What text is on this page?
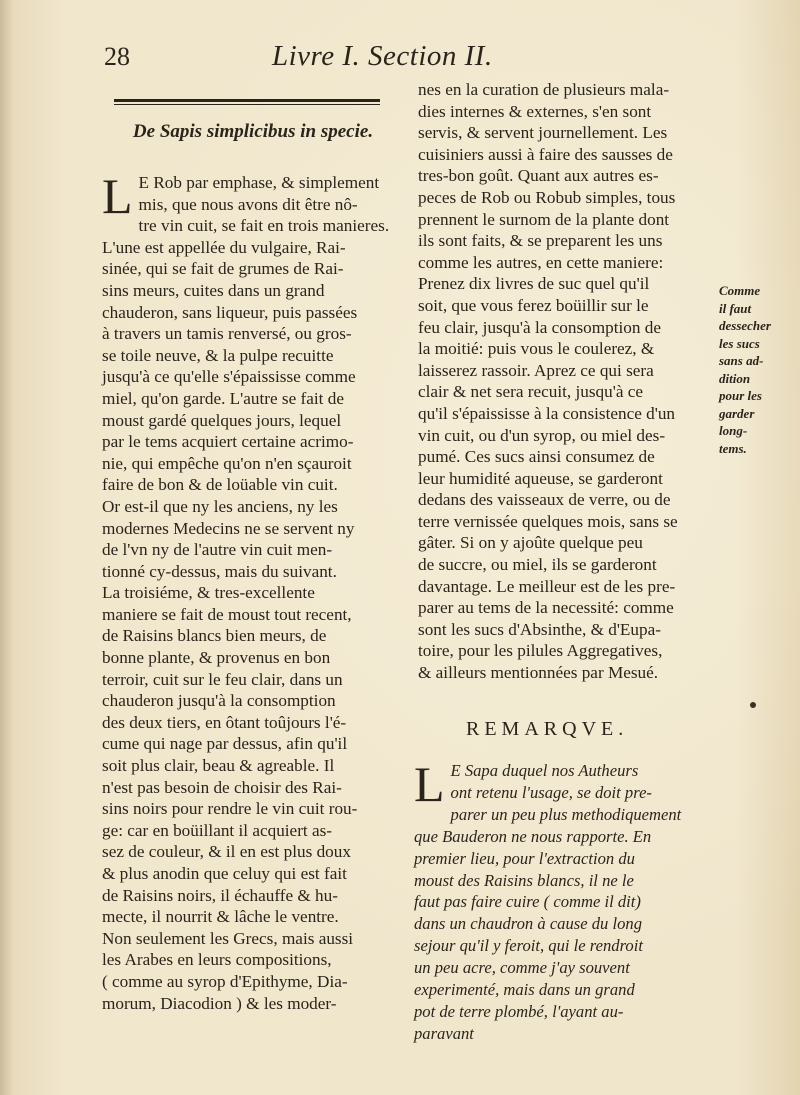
28	Livre I. Section II.
De Sapis simplicibus in specie.
L E Rob par emphase, & simplement
mis, que nous avons dit être nô-
tre vin cuit, se fait en trois manieres.
L'une est appellée du vulgaire, Rai-
sinée, qui se fait de grumes de Rai-
sins meurs, cuites dans un grand
chauderon, sans liqueur, puis passées
à travers un tamis renversé, ou gros-
se toile neuve, & la pulpe recuitte
jusqu'à ce qu'elle s'épaississe comme
miel, qu'on garde. L'autre se fait de
moust gardé quelques jours, lequel
par le tems acquiert certaine acrimo-
nie, qui empêche qu'on n'en sçauroit
faire de bon & de loüable vin cuit.
Or est-il que ny les anciens, ny les
modernes Medecins ne se servent ny
de l'vn ny de l'autre vin cuit men-
tionné cy-dessus, mais du suivant.
La troisiéme, & tres-excellente
maniere se fait de moust tout recent,
de Raisins blancs bien meurs, de
bonne plante, & provenus en bon
terroir, cuit sur le feu clair, dans un
chauderon jusqu'à la consomption
des deux tiers, en ôtant toûjours l'é-
cume qui nage par dessus, afin qu'il
soit plus clair, beau & agreable. Il
n'est pas besoin de choisir des Rai-
sins noirs pour rendre le vin cuit rou-
ge: car en boüillant il acquiert as-
sez de couleur, & il en est plus doux
& plus anodin que celuy qui est fait
de Raisins noirs, il échauffe & hu-
mecte, il nourrit & lâche le ventre.
Non seulement les Grecs, mais aussi
les Arabes en leurs compositions,
( comme au syrop d'Epithyme, Dia-
morum, Diacodion ) & les moder-
nes en la curation de plusieurs mala-
dies internes & externes, s'en sont
servis, & servent journellement. Les
cuisiniers aussi à faire des sausses de
tres-bon goût. Quant aux autres es-
peces de Rob ou Robub simples, tous
prennent le surnom de la plante dont
ils sont faits, & se preparent les uns
comme les autres, en cette maniere:
Prenez dix livres de suc quel qu'il
soit, que vous ferez boüillir sur le
feu clair, jusqu'à la consomption de
la moitié: puis vous le coulerez, &
laisserez rassoir. Aprez ce qui sera
clair & net sera recuit, jusqu'à ce
qu'il s'épaississe à la consistence d'un
vin cuit, ou d'un syrop, ou miel des-
pumé. Ces sucs ainsi consumez de
leur humidité aqueuse, se garderont
dedans des vaisseaux de verre, ou de
terre vernissée quelques mois, sans se
gâter. Si on y ajoûte quelque peu
de succre, ou miel, ils se garderont
davantage. Le meilleur est de les pre-
parer au tems de la necessité: comme
sont les sucs d'Absinthe, & d'Eupa-
toire, pour les pilules Aggregatives,
& ailleurs mentionnées par Mesué.
Comme
il faut
dessecher
les sucs
sans ad-
dition
pour les
garder
long-
tems.
REMARQVE.
L E Sapa duquel nos Autheurs
ont retenu l'usage, se doit pre-
parer un peu plus methodiquement
que Bauderon ne nous rapporte. En
premier lieu, pour l'extraction du
moust des Raisins blancs, il ne le
faut pas faire cuire ( comme il dit)
dans un chaudron à cause du long
sejour qu'il y feroit, qui le rendroit
un peu acre, comme j'ay souvent
experimenté, mais dans un grand
pot de terre plombé, l'ayant au-
paravant
